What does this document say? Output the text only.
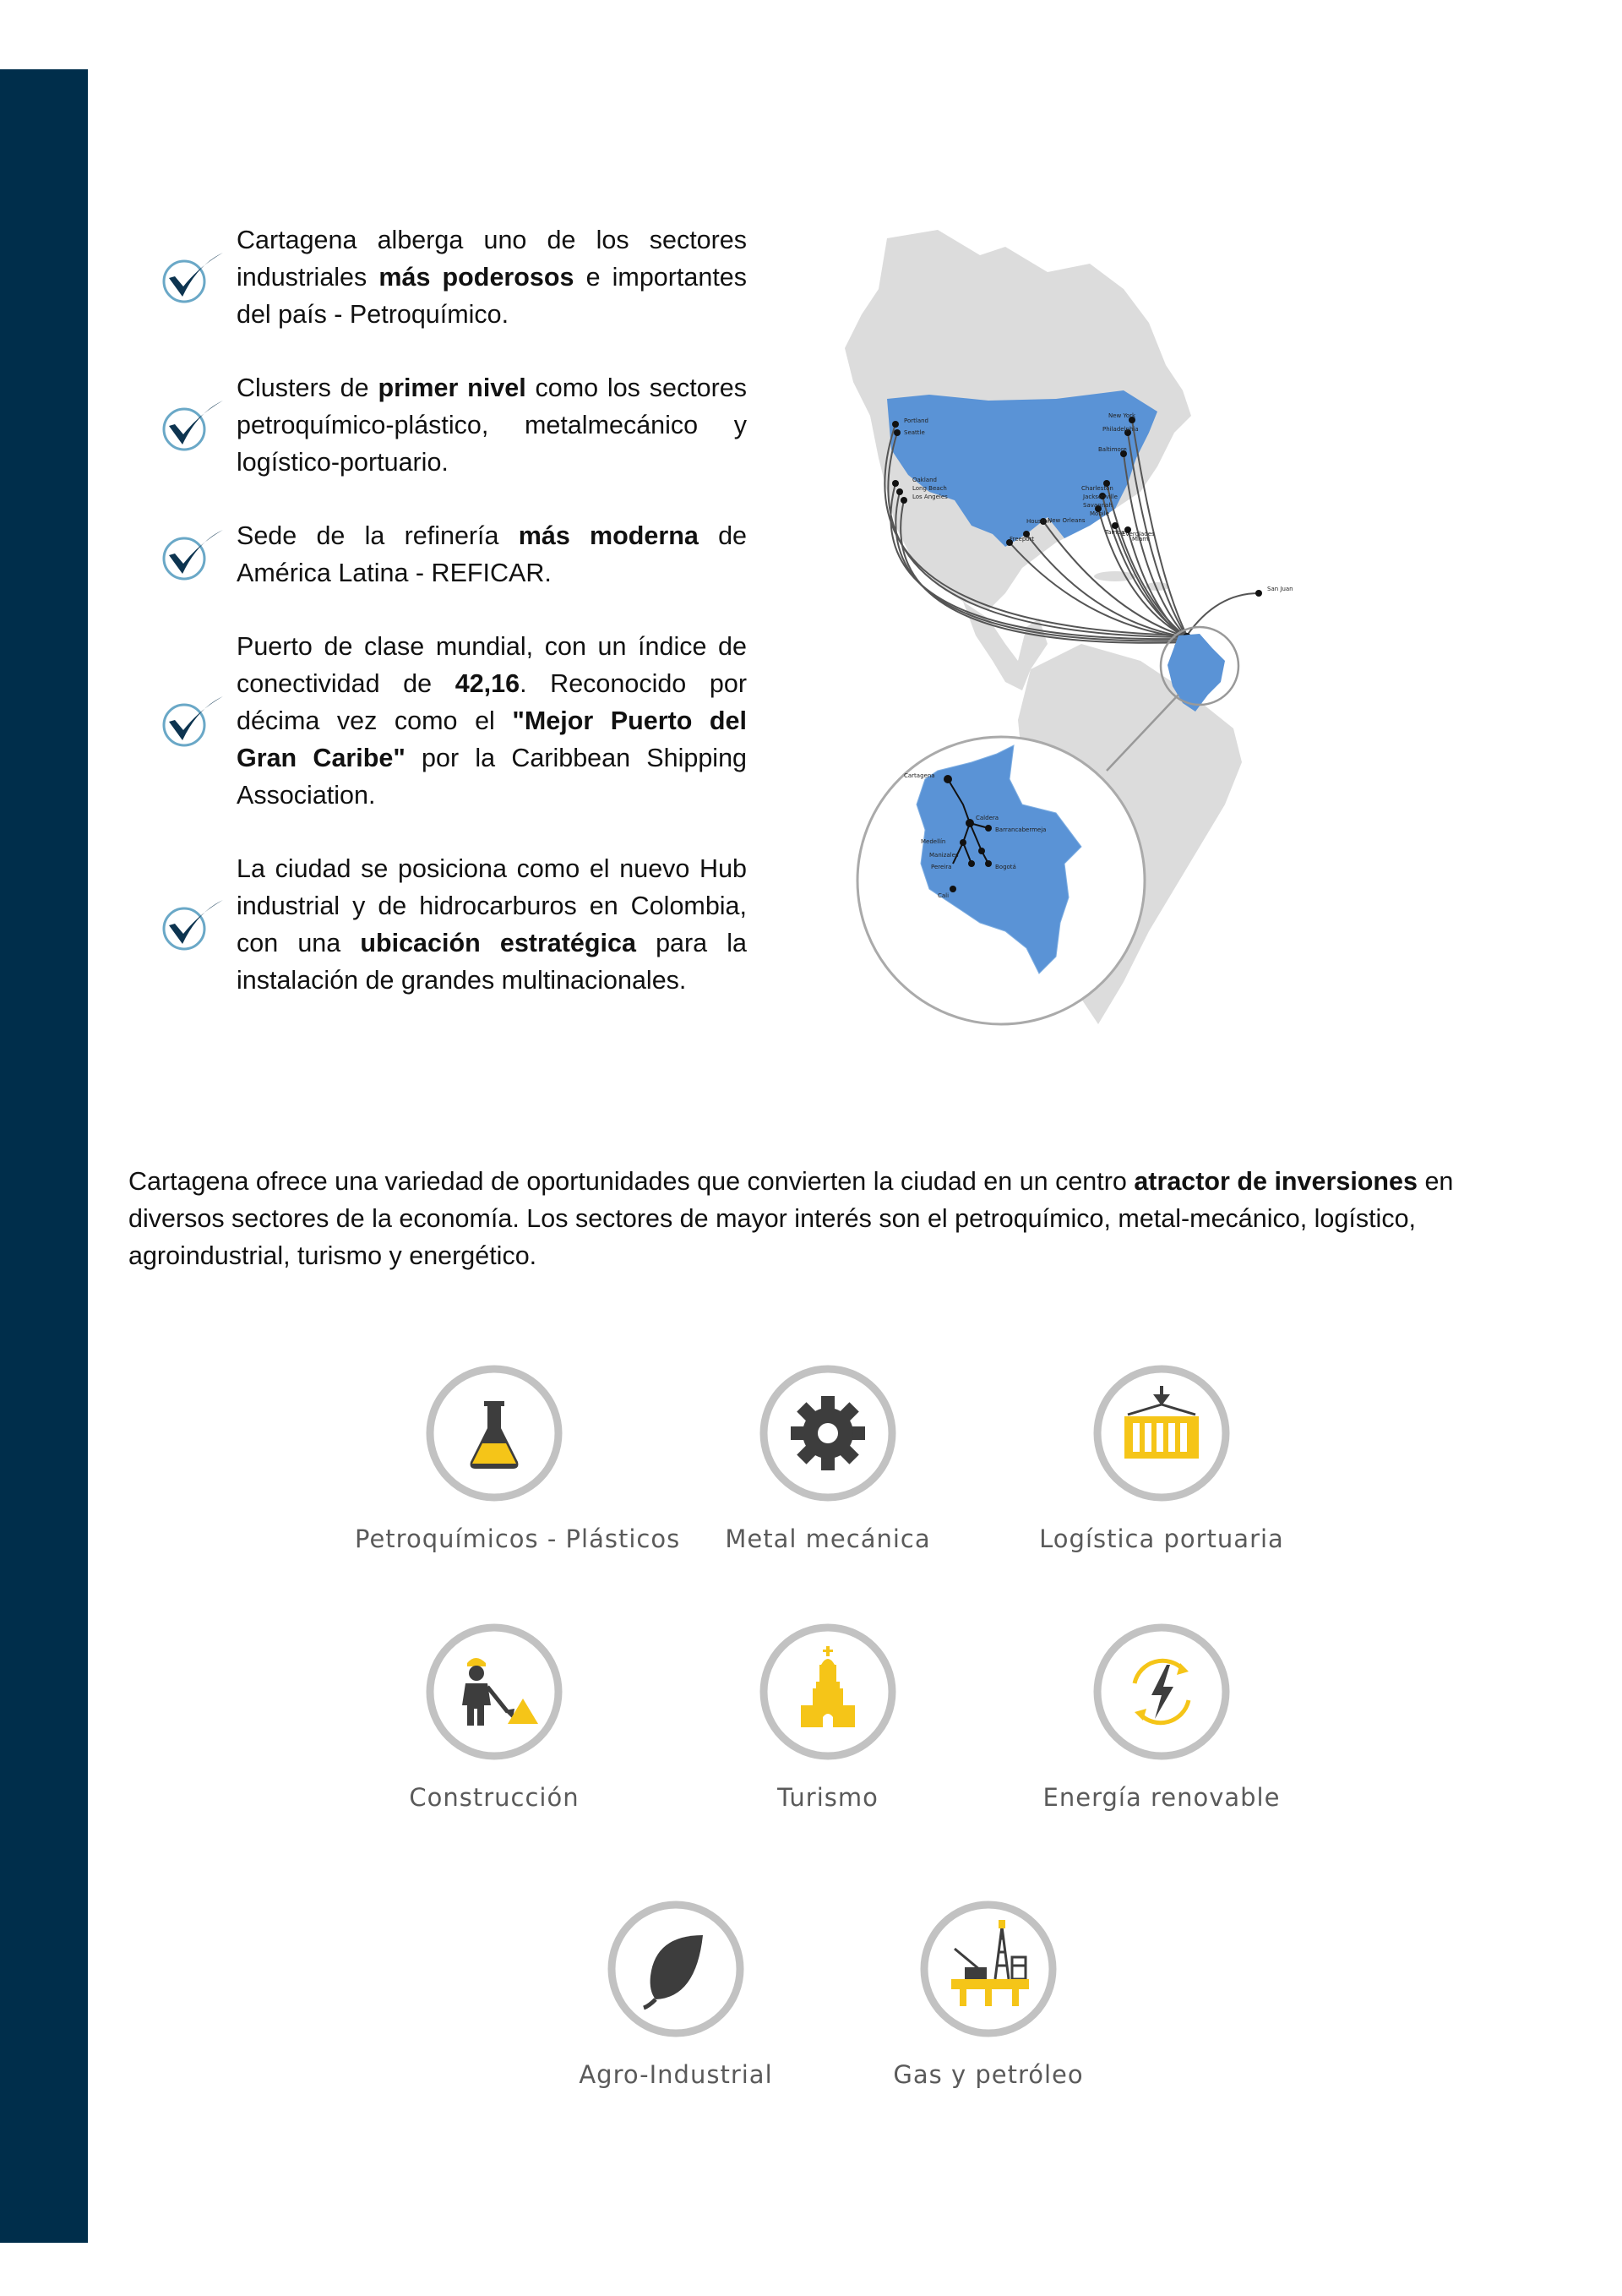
Cartagena alberga uno de los sectores industriales más poderosos e importantes del país - Petroquímico.
Clusters de primer nivel como los sectores petroquímico-plástico, metalmecánico y logístico-portuario.
Sede de la refinería más moderna de América Latina - REFICAR.
Puerto de clase mundial, con un índice de conectividad de 42,16. Reconocido por décima vez como el "Mejor Puerto del Gran Caribe" por la Caribbean Shipping Association.
La ciudad se posiciona como el nuevo Hub industrial y de hidrocarburos en Colombia, con una ubicación estratégica para la instalación de grandes multinacionales.
Portland
Seattle
Oakland
Long Beach
Los Angeles
New York
Philadelphia
Baltimore
Charleston
Jacksonville
Savannah
Mobile
Houston
Freeport
New Orleans
Tampa
Everglades
Miami
San Juan
Cartagena
Medellín
Caldera
Barrancabermeja
Manizales
Bogotá
Pereira
Cali
Cartagena ofrece una variedad de oportunidades que convierten la ciudad en un centro atractor de inversiones en diversos sectores de la economía. Los sectores de mayor interés son el petroquímico, metal-mecánico, logístico, agroindustrial, turismo y energético.
Petroquímicos - Plásticos	Metal mecánica	Logística portuaria
Construcción	Turismo	Energía renovable
Agro-Industrial	Gas y petróleo
